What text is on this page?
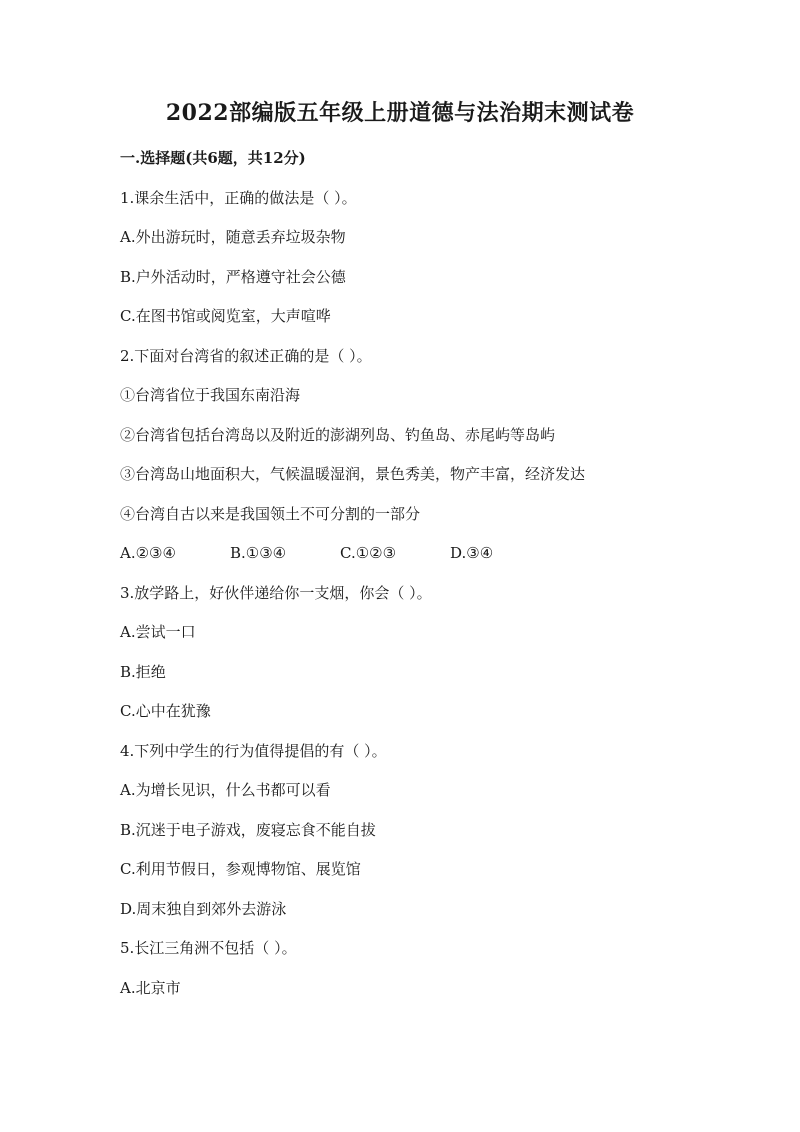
2022部编版五年级上册道德与法治期末测试卷

一.选择题(共6题，共12分)

1.课余生活中，正确的做法是（ ）。

A.外出游玩时，随意丢弃垃圾杂物

B.户外活动时，严格遵守社会公德

C.在图书馆或阅览室，大声喧哗

2.下面对台湾省的叙述正确的是（ ）。

①台湾省位于我国东南沿海

②台湾省包括台湾岛以及附近的澎湖列岛、钓鱼岛、赤尾屿等岛屿

③台湾岛山地面积大，气候温暖湿润，景色秀美，物产丰富，经济发达

④台湾自古以来是我国领土不可分割的一部分

A.②③④	B.①③④	C.①②③	D.③④

3.放学路上，好伙伴递给你一支烟，你会（ ）。

A.尝试一口

B.拒绝

C.心中在犹豫

4.下列中学生的行为值得提倡的有（ ）。

A.为增长见识，什么书都可以看

B.沉迷于电子游戏，废寝忘食不能自拔

C.利用节假日，参观博物馆、展览馆

D.周末独自到郊外去游泳

5.长江三角洲不包括（ ）。

A.北京市
